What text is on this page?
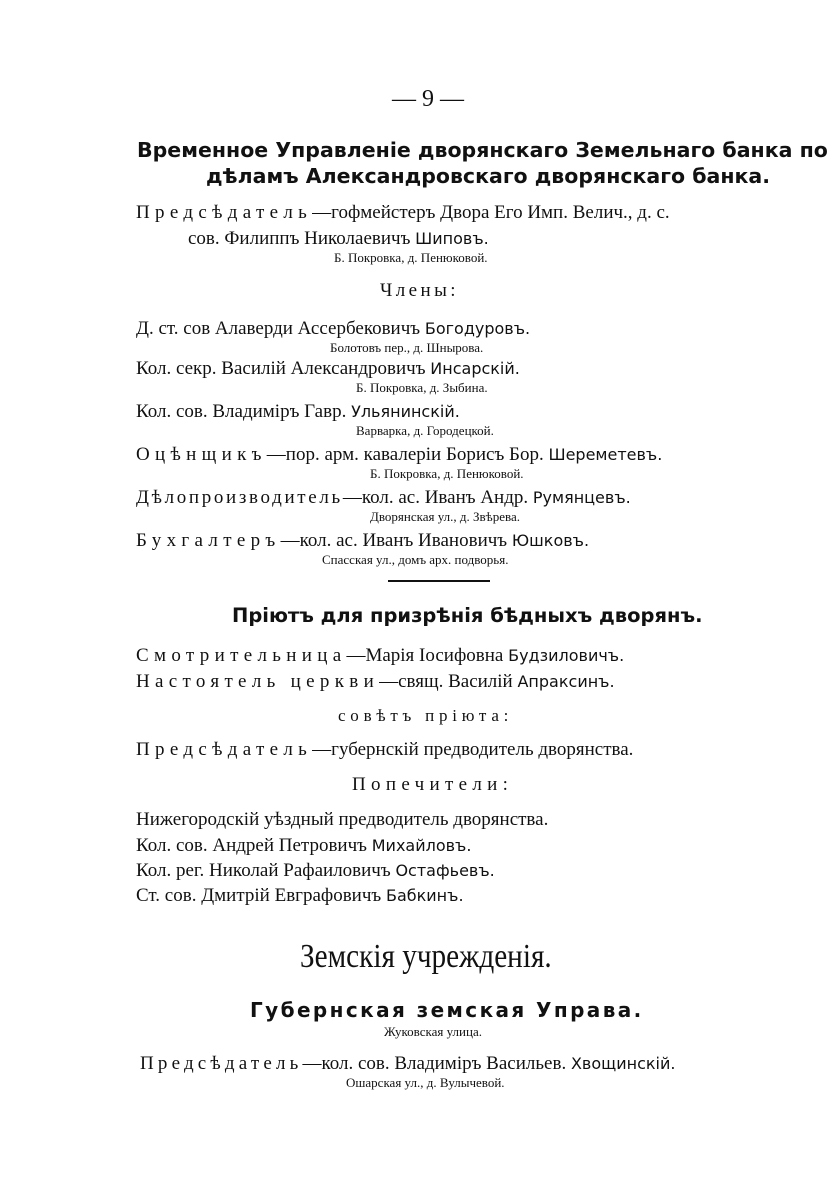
— 9 —
Временное Управленіе дворянскаго Земельнаго банка по
дѣламъ Александровскаго дворянскаго банка.
Предсѣдатель—гофмейстеръ Двора Его Имп. Велич., д. с.
сов. Филиппъ Николаевичъ Шиповъ.
Б. Покровка, д. Пенюковой.
Члены:
Д. ст. сов Алаверди Ассербековичъ Богодуровъ.
Болотовъ пер., д. Шнырова.
Кол. секр. Василій Александровичъ Инсарскій.
Б. Покровка, д. Зыбина.
Кол. сов. Владиміръ Гавр. Ульянинскій.
Варварка, д. Городецкой.
Оцѣнщикъ—пор. арм. кавалеріи Борисъ Бор. Шереметевъ.
Б. Покровка, д. Пенюковой.
Дѣлопроизводитель—кол. ас. Иванъ Андр. Румянцевъ.
Дворянская ул., д. Звѣрева.
Бухгалтеръ—кол. ас. Иванъ Ивановичъ Юшковъ.
Спасская ул., домъ арх. подворья.
Пріютъ для призрѣнія бѣдныхъ дворянъ.
Смотрительница—Марія Іосифовна Будзиловичъ.
Настоятель церкви—свящ. Василій Апраксинъ.
совѣтъ пріюта:
Предсѣдатель—губернскій предводитель дворянства.
Попечители:
Нижегородскій уѣздный предводитель дворянства.
Кол. сов. Андрей Петровичъ Михайловъ.
Кол. рег. Николай Рафаиловичъ Остафьевъ.
Ст. сов. Дмитрій Евграфовичъ Бабкинъ.
Земскія учрежденія.
Губернская земская Управа.
Жуковская улица.
Предсѣдатель—кол. сов. Владиміръ Васильев. Хвощинскій.
Ошарская ул., д. Вулычевой.
